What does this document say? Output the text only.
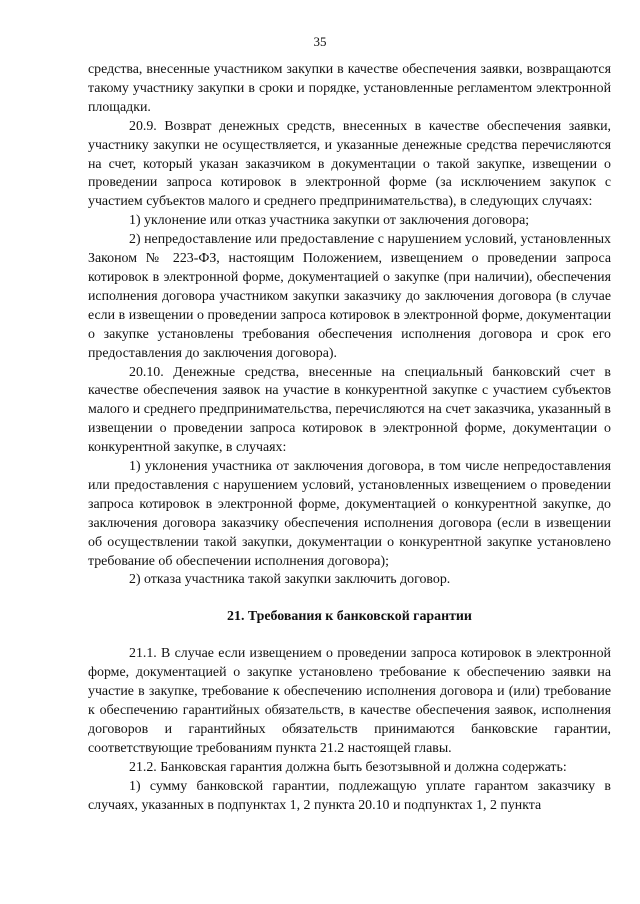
35

средства, внесенные участником закупки в качестве обеспечения заявки, возвращаются такому участнику закупки в сроки и порядке, установленные регламентом электронной площадки.

20.9. Возврат денежных средств, внесенных в качестве обеспечения заявки, участнику закупки не осуществляется, и указанные денежные средства перечисляются на счет, который указан заказчиком в документации о такой закупке, извещении о проведении запроса котировок в электронной форме (за исключением закупок с участием субъектов малого и среднего предпринимательства), в следующих случаях:

1) уклонение или отказ участника закупки от заключения договора;

2) непредоставление или предоставление с нарушением условий, установленных Законом № 223-ФЗ, настоящим Положением, извещением о проведении запроса котировок в электронной форме, документацией о закупке (при наличии), обеспечения исполнения договора участником закупки заказчику до заключения договора (в случае если в извещении о проведении запроса котировок в электронной форме, документации о закупке установлены требования обеспечения исполнения договора и срок его предоставления до заключения договора).

20.10. Денежные средства, внесенные на специальный банковский счет в качестве обеспечения заявок на участие в конкурентной закупке с участием субъектов малого и среднего предпринимательства, перечисляются на счет заказчика, указанный в извещении о проведении запроса котировок в электронной форме, документации о конкурентной закупке, в случаях:

1) уклонения участника от заключения договора, в том числе непредоставления или предоставления с нарушением условий, установленных извещением о проведении запроса котировок в электронной форме, документацией о конкурентной закупке, до заключения договора заказчику обеспечения исполнения договора (если в извещении об осуществлении такой закупки, документации о конкурентной закупке установлено требование об обеспечении исполнения договора);

2) отказа участника такой закупки заключить договор.

21. Требования к банковской гарантии

21.1. В случае если извещением о проведении запроса котировок в электронной форме, документацией о закупке установлено требование к обеспечению заявки на участие в закупке, требование к обеспечению исполнения договора и (или) требование к обеспечению гарантийных обязательств, в качестве обеспечения заявок, исполнения договоров и гарантийных обязательств принимаются банковские гарантии, соответствующие требованиям пункта 21.2 настоящей главы.

21.2. Банковская гарантия должна быть безотзывной и должна содержать:

1) сумму банковской гарантии, подлежащую уплате гарантом заказчику в случаях, указанных в подпунктах 1, 2 пункта 20.10 и подпунктах 1, 2 пункта
